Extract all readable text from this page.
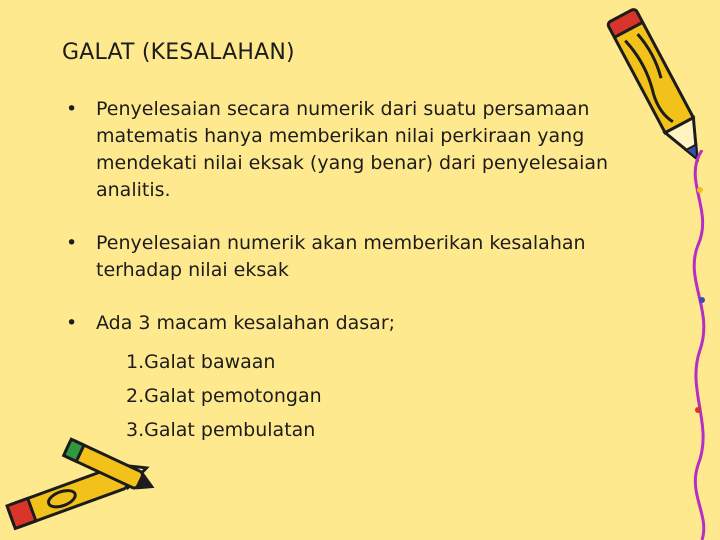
GALAT (KESALAHAN)
• Penyelesaian secara numerik dari suatu persamaan matematis hanya memberikan nilai perkiraan yang mendekati nilai eksak (yang benar) dari penyelesaian analitis.
• Penyelesaian numerik akan memberikan kesalahan terhadap nilai eksak
• Ada 3 macam kesalahan dasar;
1.Galat bawaan
2.Galat pemotongan
3.Galat pembulatan
